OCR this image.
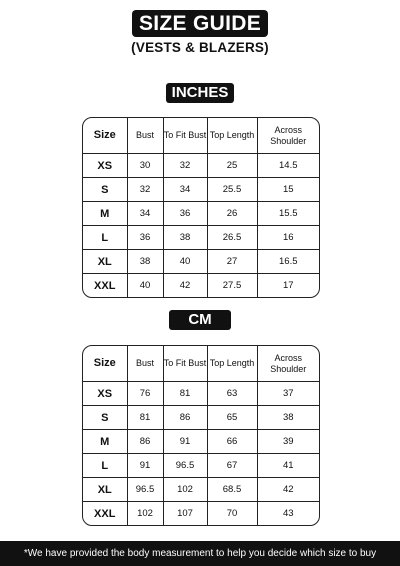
SIZE GUIDE
(VESTS & BLAZERS)
INCHES
Size	Bust	To Fit Bust	Top Length	Across Shoulder
XS	30	32	25	14.5
S	32	34	25.5	15
M	34	36	26	15.5
L	36	38	26.5	16
XL	38	40	27	16.5
XXL	40	42	27.5	17
CM
Size	Bust	To Fit Bust	Top Length	Across Shoulder
XS	76	81	63	37
S	81	86	65	38
M	86	91	66	39
L	91	96.5	67	41
XL	96.5	102	68.5	42
XXL	102	107	70	43
*We have provided the body measurement to help you decide which size to buy
